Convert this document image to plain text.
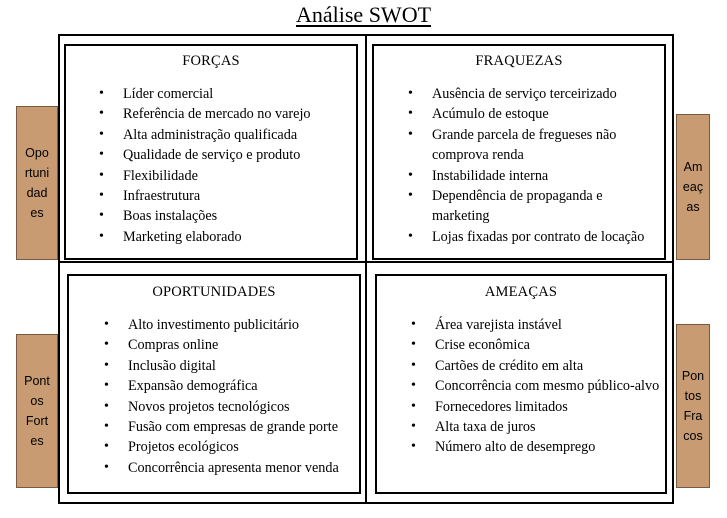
Análise SWOT
Opo
rtuni
dad
es
Am
eaç
as
Pont
os
Fort
es
Pon
tos
Fra
cos
FORÇAS
• Líder comercial
• Referência de mercado no varejo
• Alta administração qualificada
• Qualidade de serviço e produto
• Flexibilidade
• Infraestrutura
• Boas instalações
• Marketing elaborado
FRAQUEZAS
• Ausência de serviço terceirizado
• Acúmulo de estoque
• Grande parcela de fregueses não comprova renda
• Instabilidade interna
• Dependência de propaganda e marketing
• Lojas fixadas por contrato de locação
OPORTUNIDADES
• Alto investimento publicitário
• Compras online
• Inclusão digital
• Expansão demográfica
• Novos projetos tecnológicos
• Fusão com empresas de grande porte
• Projetos ecológicos
• Concorrência apresenta menor venda
AMEAÇAS
• Área varejista instável
• Crise econômica
• Cartões de crédito em alta
• Concorrência com mesmo público-alvo
• Fornecedores limitados
• Alta taxa de juros
• Número alto de desemprego
